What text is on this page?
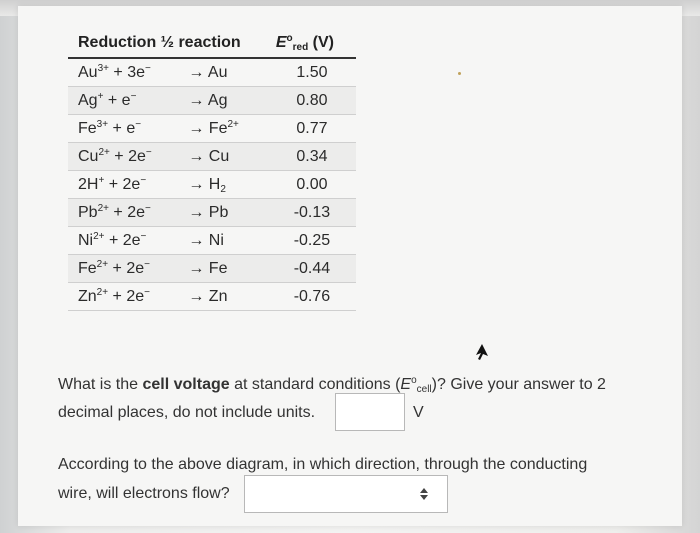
Reduction ½ reaction		$E^o_{red}$ (V)
$Au^{3+} + 3e^-$	→ Au	1.50
Ag+ + e−	→ Ag	0.80
$Fe^{3+} + e^-$	→ $Fe^{2+}$	0.77
$Cu^{2+} + 2e^-$	→ Cu	0.34
2H+ + 2e−	→ $H_2$	0.00
$Pb^{2+} + 2e^-$	→ Pb	-0.13
$Ni^{2+} + 2e^-$	→ Ni	-0.25
$Fe^{2+} + 2e^-$	→ Fe	-0.44
$Zn^{2+} + 2e^-$	→ Zn	-0.76
What is the cell voltage at standard conditions $(E^o_{cell})$? Give your answer to 2
decimal places, do not include units.	V
According to the above diagram, in which direction, through the conducting
wire, will electrons flow?
